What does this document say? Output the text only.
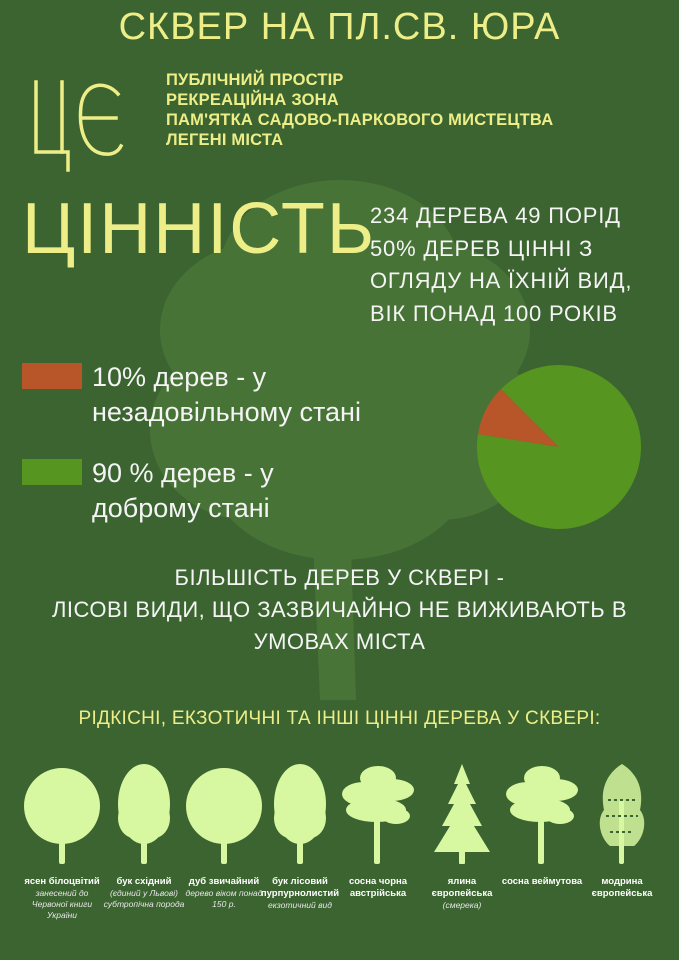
СКВЕР НА ПЛ.СВ. ЮРА
ПУБЛІЧНИЙ ПРОСТІР
РЕКРЕАЦІЙНА ЗОНА
ПАМ'ЯТКА САДОВО-ПАРКОВОГО МИСТЕЦТВА
ЛЕГЕНІ МІСТА
ЦІННІСТЬ
234 ДЕРЕВА 49 ПОРІД
50% ДЕРЕВ ЦІННІ З
ОГЛЯДУ НА ЇХНІЙ ВИД,
ВІК ПОНАД 100 РОКІВ
10% дерев - у
незадовільному стані
90 % дерев - у
доброму стані
БІЛЬШІСТЬ ДЕРЕВ У СКВЕРІ -
ЛІСОВІ ВИДИ, ЩО ЗАЗВИЧАЙНО НЕ ВИЖИВАЮТЬ В
УМОВАХ МІСТА
РІДКІСНІ, ЕКЗОТИЧНІ ТА ІНШІ ЦІННІ ДЕРЕВА У СКВЕРІ:
ясен білоцвітий
занесений до Червоної книги України
бук східний
(єдиний у Львові) субтропічна порода
дуб звичайний
дерево віком понад 150 р.
бук лісовий пурпурнолистий
екзотичний вид
сосна чорна австрійська
ялина європейська
(смерека)
сосна веймутова	модрина європейська
